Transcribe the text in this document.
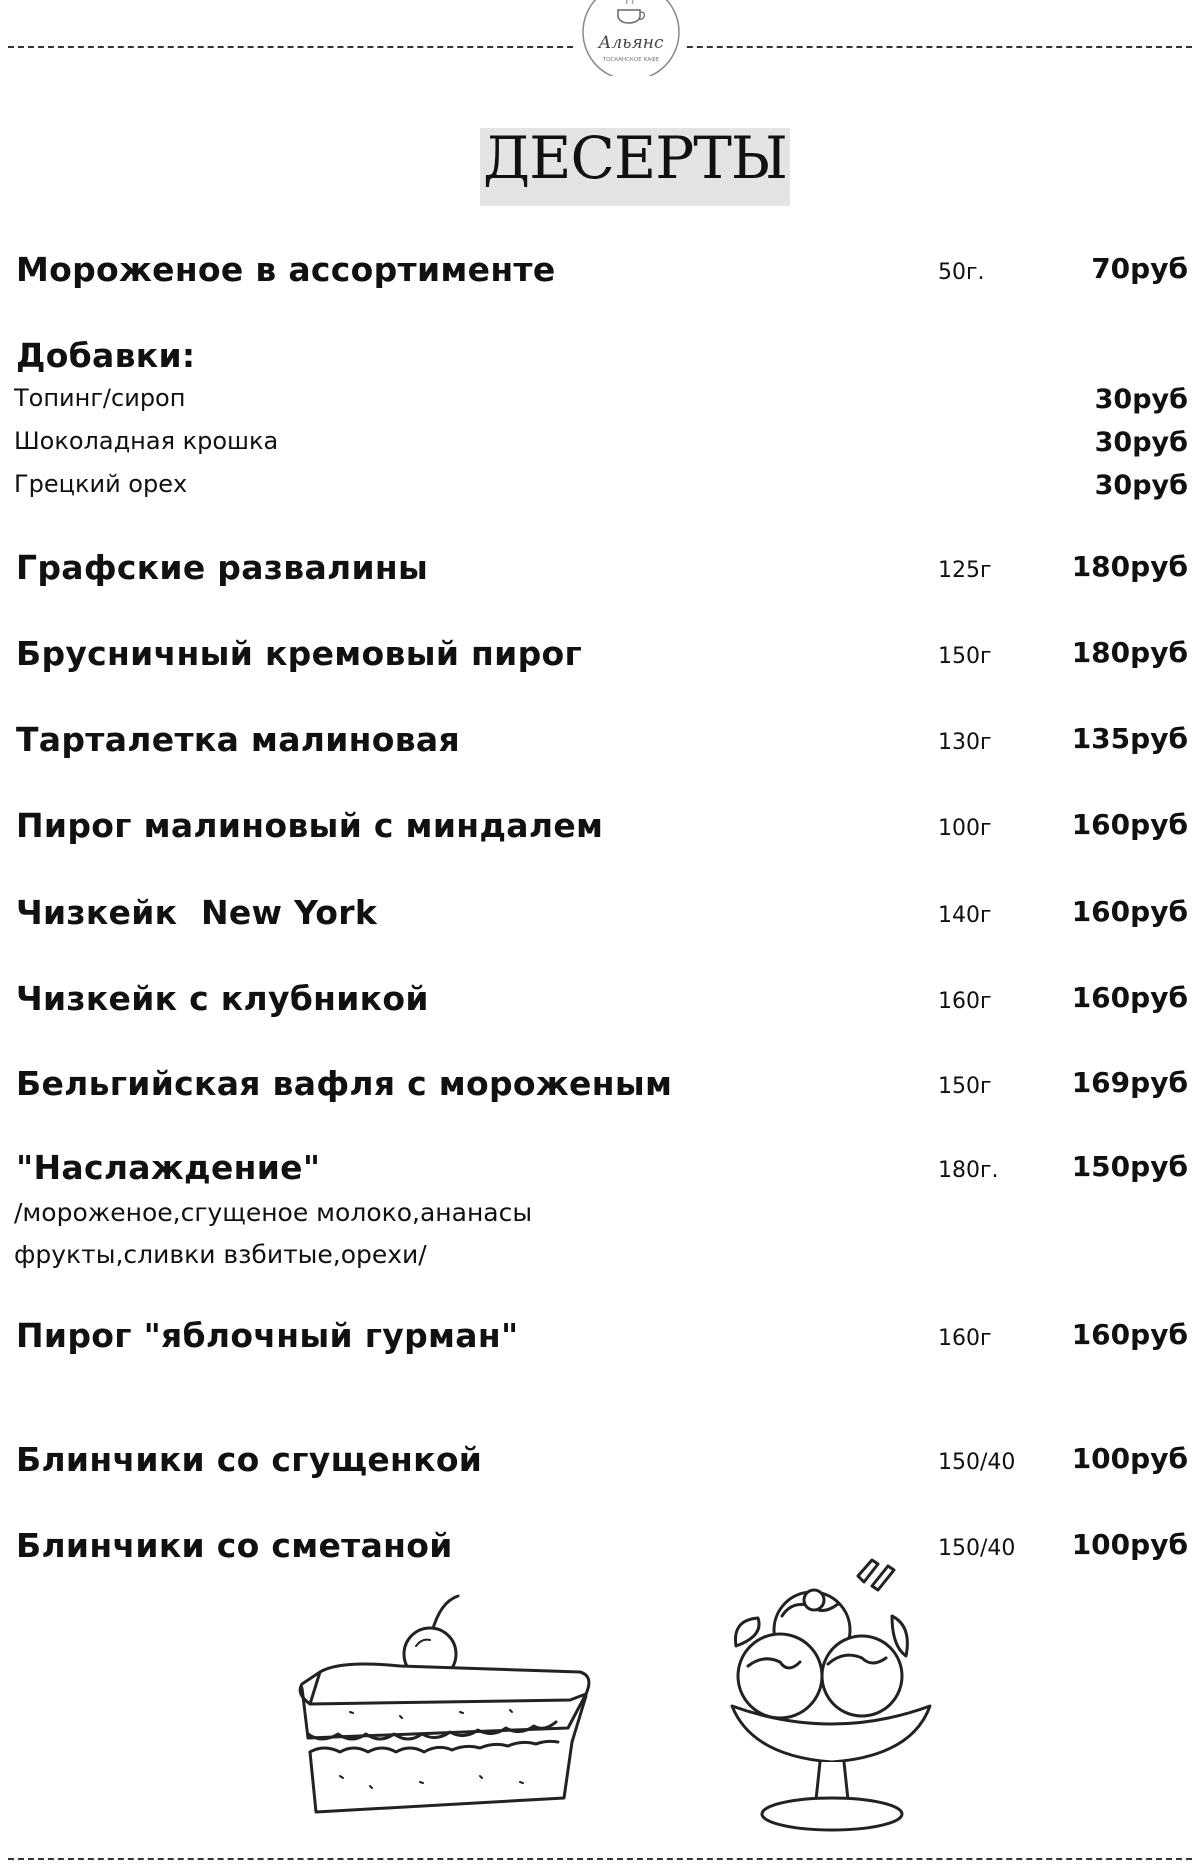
Альянс
ТОСКАНСКОЕ КАФЕ
ДЕСЕРТЫ
Мороженое в ассортименте	50г.	70руб
Добавки:
Топинг/сироп	30руб
Шоколадная крошка	30руб
Грецкий орех	30руб
Графские развалины	125г	180руб
Брусничный кремовый пирог	150г	180руб
Тарталетка малиновая	130г	135руб
Пирог малиновый с миндалем	100г	160руб
Чизкейк  New York	140г	160руб
Чизкейк с клубникой	160г	160руб
Бельгийская вафля с мороженым	150г	169руб
"Наслаждение"	180г.	150руб
/мороженое,сгущеное молоко,ананасы
фрукты,сливки взбитые,орехи/
Пирог "яблочный гурман"	160г	160руб
Блинчики со сгущенкой	150/40 100руб
Блинчики со сметаной	150/40 100руб
